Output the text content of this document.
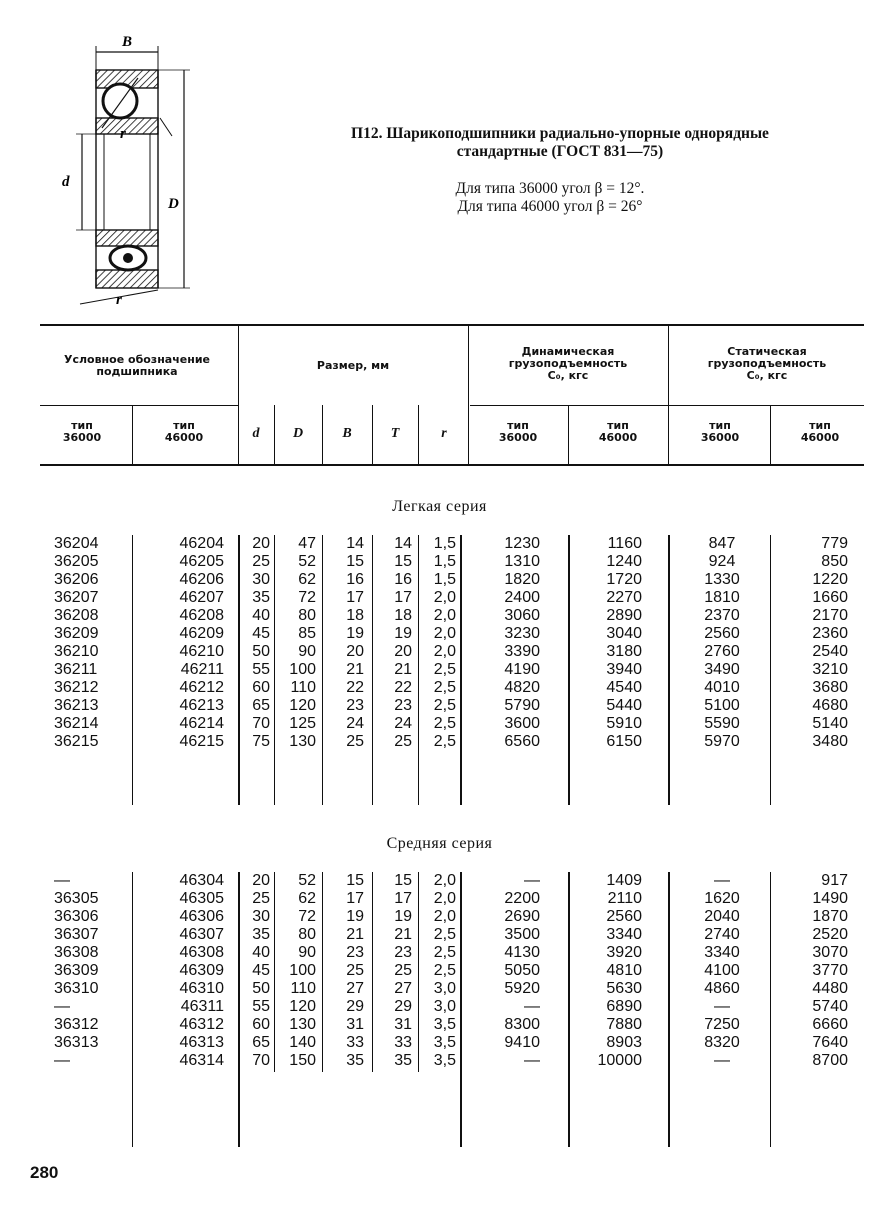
B
r
d
D
r
П12. Шарикоподшипники радиально-упорные однорядные
стандартные (ГОСТ 831—75)
Для типа 36000 угол β = 12°.
Для типа 46000 угол β = 26°
Условное обозначение подшипника	Размер, мм
Динамическая грузоподъемность
C₀, кгс
Статическая грузоподъемность
C₀, кгс
тип 36000
тип 46000	d	D	B	T	r
тип 36000
тип 46000
тип 36000
тип 46000
Легкая серия
Средняя серия
36204	46204	20	47	14	14	1,5	1230	1160	847	779
36205	46205	25	52	15	15	1,5	1310	1240	924	850
36206	46206	30	62	16	16	1,5	1820	1720	1330	1220
36207	46207	35	72	17	17	2,0	2400	2270	1810	1660
36208	46208	40	80	18	18	2,0	3060	2890	2370	2170
36209	46209	45	85	19	19	2,0	3230	3040	2560	2360
36210	46210	50	90	20	20	2,0	3390	3180	2760	2540
36211	46211	55	100	21	21	2,5	4190	3940	3490	3210
36212	46212	60	110	22	22	2,5	4820	4540	4010	3680
36213	46213	65	120	23	23	2,5	5790	5440	5100	4680
36214	46214	70	125	24	24	2,5	3600	5910	5590	5140
36215	46215	75	130	25	25	2,5	6560	6150	5970	3480
—	46304	20	52	15	15	2,0	—	1409	—	917
36305	46305	25	62	17	17	2,0	2200	2110	1620	1490
36306	46306	30	72	19	19	2,0	2690	2560	2040	1870
36307	46307	35	80	21	21	2,5	3500	3340	2740	2520
36308	46308	40	90	23	23	2,5	4130	3920	3340	3070
36309	46309	45	100	25	25	2,5	5050	4810	4100	3770
36310	46310	50	110	27	27	3,0	5920	5630	4860	4480
—	46311	55	120	29	29	3,0	—	6890	—	5740
36312	46312	60	130	31	31	3,5	8300	7880	7250	6660
36313	46313	65	140	33	33	3,5	9410	8903	8320	7640
—	46314	70	150	35	35	3,5	—	10000	—	8700
280
